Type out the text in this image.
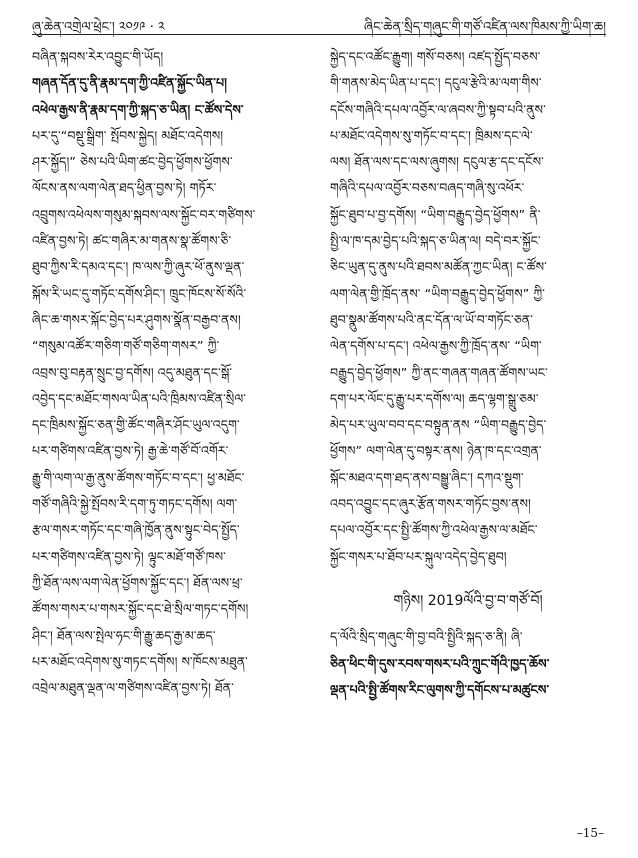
ཞུ་ཆེན་འགྲེལ་ཕྲེང་། ༢༠༡༩ · ༢	ཞིང་ཆེན་སྲིད་གཞུང་གི་གཙོ་འཛིན་ལས་ཁིམས་ཀྱི་ཡིག་ཆ།
བཞིན་སྐབས་རེར་འབྱུང་གི་ཡོད།
གཞན་དོན་དུ་ནི་རྣམ་དག་ཀྱི་འཛིན་སྐྱོང་ཡིན་པ།
འཕེལ་རྒྱས་ནི་རྣམ་དག་ཀྱི་སྐད་ཅ་ཡིན། ང་ཚོས་དེས་
པར་དུ་“བསྡུ་སྒྲིག་ སྤོབས་སྐྱེད། མཐོང་འདེགས།
ཤར་སྐྱོད།” ཅེས་པའི་ཡིག་ཚང་བྱེད་ཕྱོགས་ཕྱོགས་
ལོངས་ནས་ལག་ལེན་ཐད་ཕྱིན་བྱས་ཏེ། གཏོར་
འབྲུགས་འཕེལས་གསུམ་སྐབས་ལས་སྐྱོང་བར་གཙིགས་
འཛིན་བྱས་ཏེ། ཚང་གཞིར་མ་གནས་སྣ་ཚོགས་ཅི་
ཐུབ་ཀྱིས་རི་དམའ་དང་། ཁ་ལས་ཀྱི་ཞུར་ཕོ་ནུས་ལྡན་
སྐོས་རི་ཡང་དུ་གཏོང་དགོས་ཤིང་། ཁྲུང་ཁོངས་སོ་སོའི་
ཞིང་ཆ་གསར་སྐོང་བྱེད་པར་ཤུགས་སྣོན་བརྒྱབ་ནས།
“གསུམ་འཚོར་གཅིག་གཙོ་གཅིག་གསར” ཀྱི་
འབྲས་བུ་བརྟན་སྲུང་བྱ་དགོས། འདུ་མཐུན་དང་སྒོ་
འབྱེད་དང་མཐོང་གསལ་ཡིན་པའི་ཁྲིམས་འཛིན་སྲིལ་
དང་ཁྲིམས་སྐྱོང་ཅན་གྱི་ཚོང་གཞིར་ཤོང་ཡུལ་འདུག་
པར་གཙིགས་འཛིན་བྱས་ཏེ། རྒྱ་ཆེ་གཙོ་བོ་འགོར་
རྒྱུ་གི་ལག་ལ་རྒྱ་ནུས་ཚོགས་གཏོང་བ་དང་། ཕྱ་མཐོང་
གཙོ་གཞིའི་སྐྱེ་སྤོབས་རི་དག་ཏུ་གཏང་དགོས། ལག་
རྩལ་གསར་གཏོང་དང་གཞི་ཁྱོན་ནུས་སྟུང་བེད་སྤྱོད་
པར་གཙིགས་འཛིན་བྱས་ཏེ། ལྟུང་མཐོ་གཙོ་ཁས་
ཀྱི་ཐོན་ལས་ལག་ལེན་ཕྱོགས་སྐྱོང་དང་། ཐོན་ལས་ཕྲ་
ཚོགས་གསར་པ་གསར་སྐྱོང་དང་ཐེ་སྲིལ་གཏང་དགོས།
ཤིང་། ཐོན་ལས་སྤེལ་ཧང་གི་རྒྱུ་ཆད་རྒྱ་མ་ཆད་
པར་མཐོང་འདེགས་སུ་གཏང་དགོས། ས་ཁོངས་མཐུན་
འབྲེལ་མཐུན་ལྡན་ལ་གཙིགས་འཛིན་བྱས་ཏེ། ཐོན་
སྐྱེད་དང་འཚོང་རྒྱུག། གསོ་བཅས། འཛད་སྤྱོད་བཅས་
གི་གནས་མེད་ཡིན་པ་དང་། དངུལ་རྩེའི་མ་ལག་གིས་
དངོས་གཞིའི་དཔལ་འབྱོར་ལ་ཞབས་ཀྱི་སྟབ་པའི་ནུས་
པ་མཐོང་འདེགས་སུ་གཏོང་བ་དང་། ཁྲིམས་དང་ལེ་
ལས། ཐོན་ལས་དང་ལས་ཞུགས། དངུལ་རྩ་དང་དངོས་
གཞིའི་དཔལ་འབྱོར་བཅས་བཞད་གཞི་སུ་འཕོར་
སྐྱོང་ཐུབ་པ་བྱ་དགོས། “ཡིག་བརྒྱུད་བྱེད་ཕྱོགས” ནི་
སྤྱི་ལ་ཁ་དམ་བྱེད་པའི་སྐད་ཅ་ཡིན་ལ། བདེ་བར་སྐྱོང་
ཅིང་ཡུན་དུ་ནུས་པའི་ཐབས་མཚོན་ཀྱང་ཡིན། ང་ཚོས་
ལག་ལེན་གྱི་ཁྲོད་ནས་ “ཡིག་བརྒྱུད་བྱེད་ཕྱོགས” ཀྱི་
ཐུབ་སྣུམ་ཚོགས་པའི་ནང་དོན་ལ་ཡོ་བ་གཏོང་ཅན་
ལེན་དགོས་པ་དང་། འཕེལ་རྒྱས་ཀྱི་ཁྲོད་ནས་ “ཡིག་
བརྒྱུད་བྱེད་ཕྱོགས” ཀྱི་ནང་གཞན་གཞན་ཚོགས་ཡང་
དག་པར་ལོང་དུ་རྒྱུ་པར་དགོས་ལ། ཆད་ལྷག་སྒྲུ་ཅམ་
མེད་པར་ཡུལ་བབ་དང་བསྟུན་ནས “ཡིག་བརྒྱུད་བྱེད་
ཕྱོགས” ལག་ལེན་དུ་བསྟར་ནས། ཉེན་ཁ་དང་འགྲན་
སྐོང་མཐའ་དག་ཐད་ནས་བསྒྱུ་ཞིང་། དཀའ་སྡུག་
འབད་འབྱུང་དང་ཞུར་རྩོན་གསར་གཏོང་བྱས་ནས།
དཔལ་འབྱོར་དང་སྤྱི་ཚོགས་ཀྱི་འཕེལ་རྒྱས་ལ་མཐོང་
སྐྱོང་གསར་པ་ཐོབ་པར་སྐུལ་འདེད་བྱེད་ཐུབ།
གཉིས། 2019ལོའི་བྱ་བ་གཙོ་བོ།
ད་ལོའི་སྲིད་གཞུང་གི་བྱ་བའི་སྤྱིའི་སྐད་ཅ་ནི། ཞི་
ཅིན་ཕིང་གི་དུས་རབས་གསར་པའི་ཀྲུང་གོའི་ཁྱད་ཆོས་
ལྡན་པའི་སྤྱི་ཚོགས་རིང་ལུགས་ཀྱི་དགོངས་པ་མཚུངས་
–15–
